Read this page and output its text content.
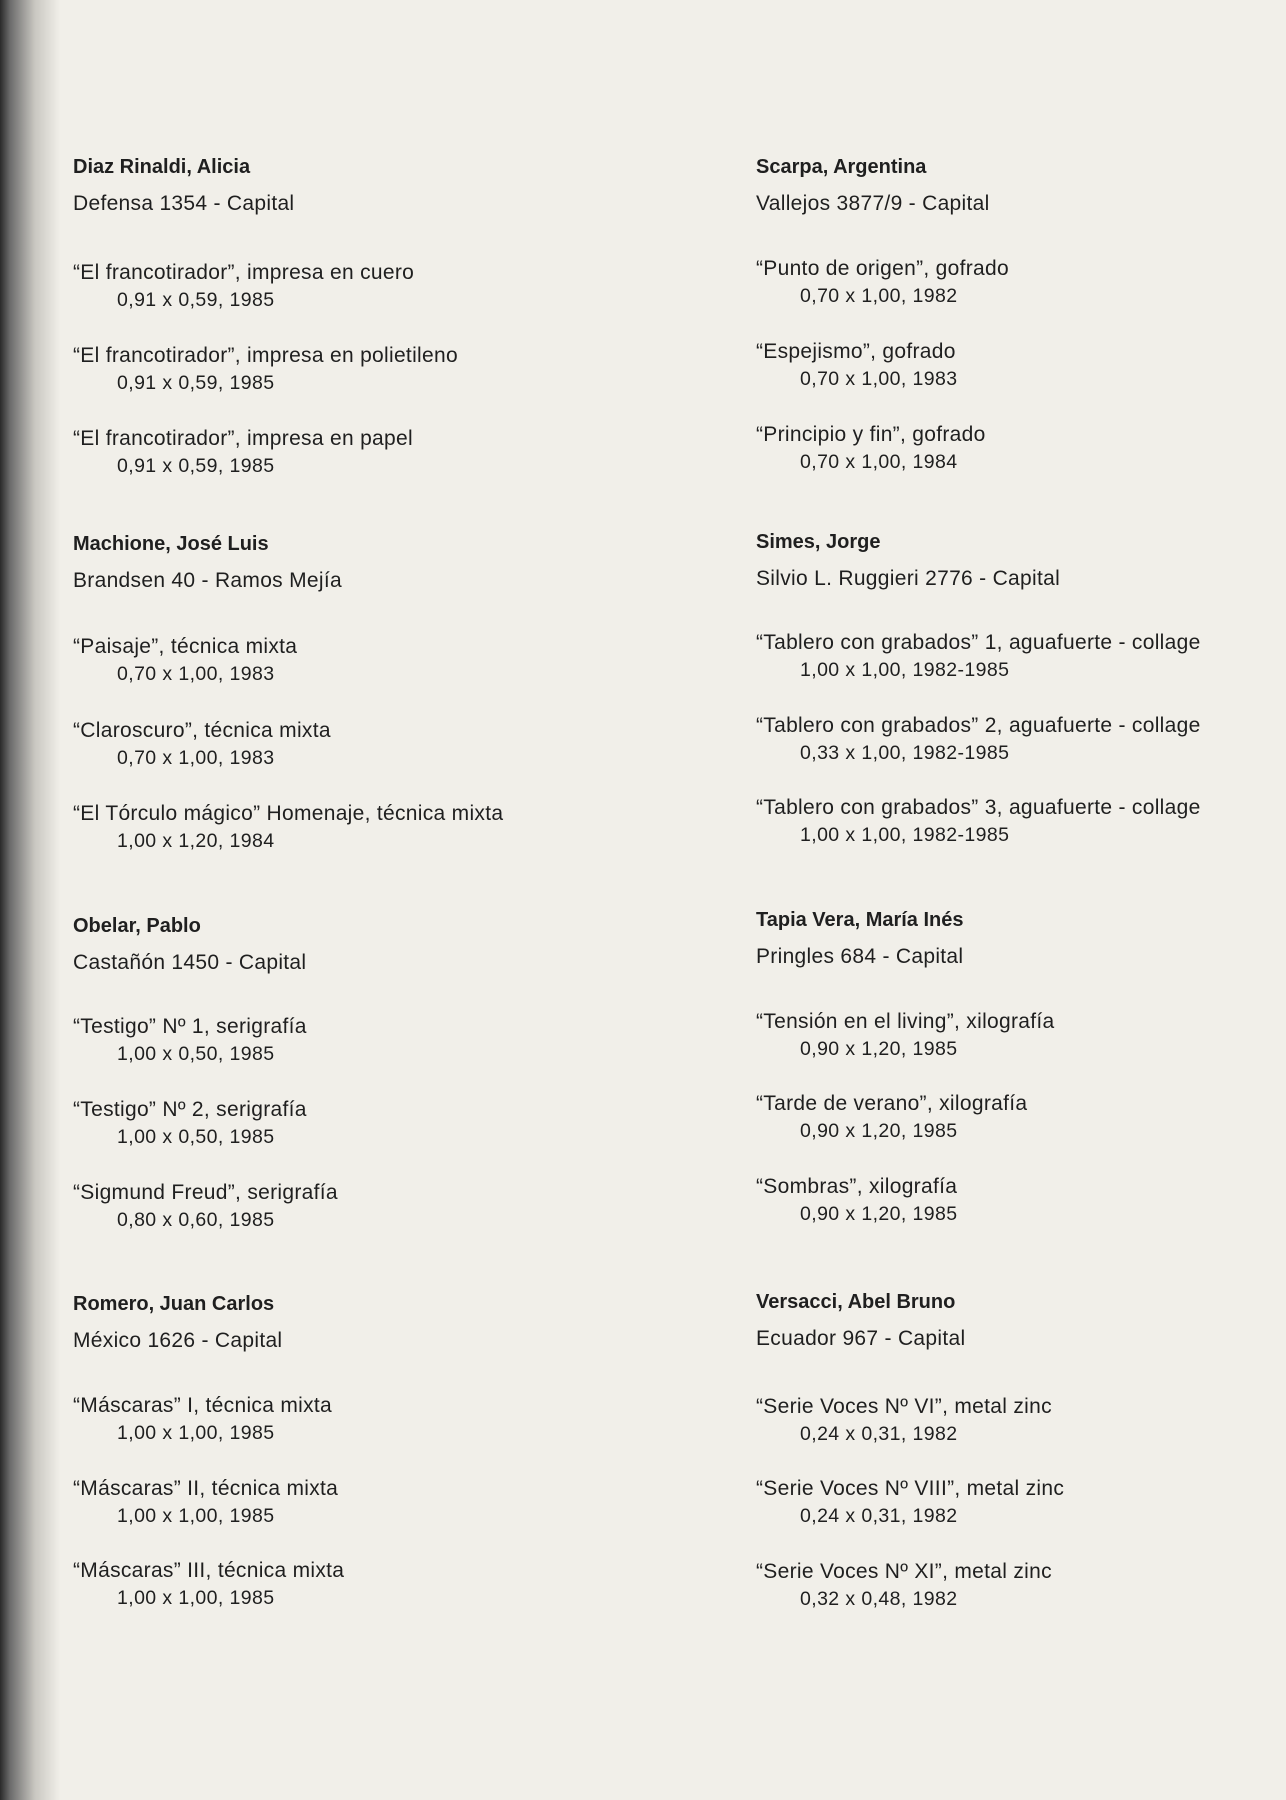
Diaz Rinaldi, Alicia
Defensa 1354 - Capital
“El francotirador”, impresa en cuero
0,91 x 0,59, 1985
“El francotirador”, impresa en polietileno
0,91 x 0,59, 1985
“El francotirador”, impresa en papel
0,91 x 0,59, 1985
Machione, José Luis
Brandsen 40 - Ramos Mejía
“Paisaje”, técnica mixta
0,70 x 1,00, 1983
“Claroscuro”, técnica mixta
0,70 x 1,00, 1983
“El Tórculo mágico” Homenaje, técnica mixta
1,00 x 1,20, 1984
Obelar, Pablo
Castañón 1450 - Capital
“Testigo” Nº 1, serigrafía
1,00 x 0,50, 1985
“Testigo” Nº 2, serigrafía
1,00 x 0,50, 1985
“Sigmund Freud”, serigrafía
0,80 x 0,60, 1985
Romero, Juan Carlos
México 1626 - Capital
“Máscaras” I, técnica mixta
1,00 x 1,00, 1985
“Máscaras” II, técnica mixta
1,00 x 1,00, 1985
“Máscaras” III, técnica mixta
1,00 x 1,00, 1985
Scarpa, Argentina
Vallejos 3877/9 - Capital
“Punto de origen”, gofrado
0,70 x 1,00, 1982
“Espejismo”, gofrado
0,70 x 1,00, 1983
“Principio y fin”, gofrado
0,70 x 1,00, 1984
Simes, Jorge
Silvio L. Ruggieri 2776 - Capital
“Tablero con grabados” 1, aguafuerte - collage
1,00 x 1,00, 1982-1985
“Tablero con grabados” 2, aguafuerte - collage
0,33 x 1,00, 1982-1985
“Tablero con grabados” 3, aguafuerte - collage
1,00 x 1,00, 1982-1985
Tapia Vera, María Inés
Pringles 684 - Capital
“Tensión en el living”, xilografía
0,90 x 1,20, 1985
“Tarde de verano”, xilografía
0,90 x 1,20, 1985
“Sombras”, xilografía
0,90 x 1,20, 1985
Versacci, Abel Bruno
Ecuador 967 - Capital
“Serie Voces Nº VI”, metal zinc
0,24 x 0,31, 1982
“Serie Voces Nº VIII”, metal zinc
0,24 x 0,31, 1982
“Serie Voces Nº XI”, metal zinc
0,32 x 0,48, 1982
